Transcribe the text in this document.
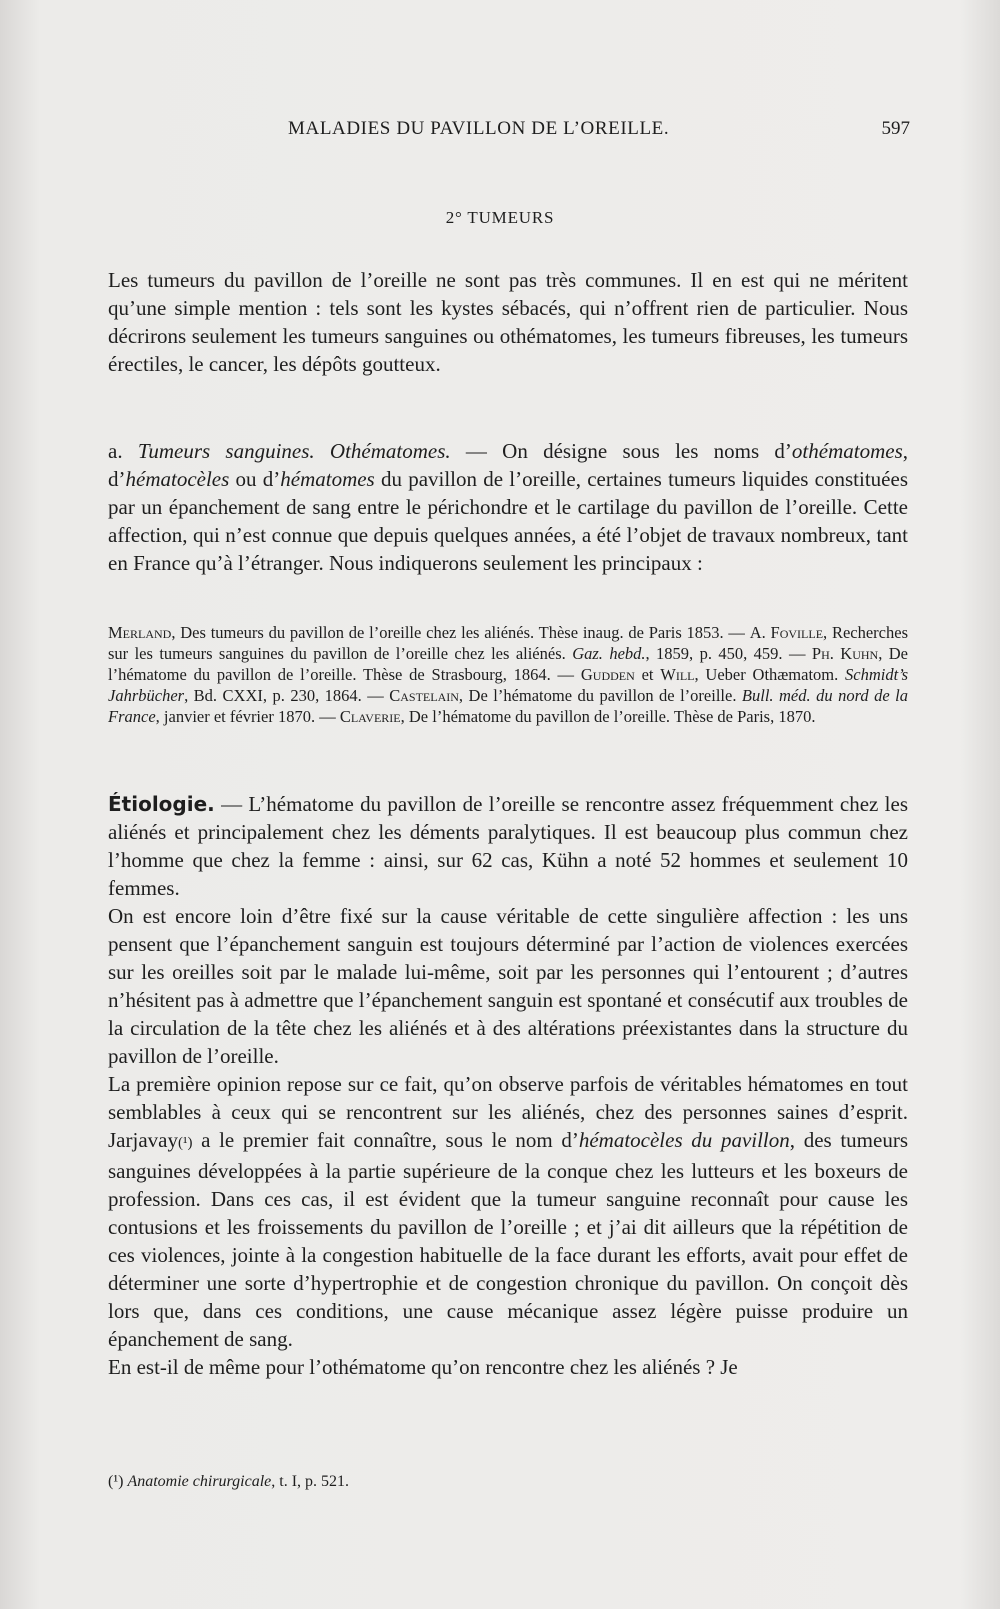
MALADIES DU PAVILLON DE L’OREILLE.	597
2° TUMEURS

Les tumeurs du pavillon de l’oreille ne sont pas très communes. Il en est qui ne méritent qu’une simple mention : tels sont les kystes sébacés, qui n’offrent rien de particulier. Nous décrirons seulement les tumeurs sanguines ou othématomes, les tumeurs fibreuses, les tumeurs érectiles, le cancer, les dépôts goutteux.

a. Tumeurs sanguines. Othématomes. — On désigne sous les noms d’othématomes, d’hématocèles ou d’hématomes du pavillon de l’oreille, certaines tumeurs liquides constituées par un épanchement de sang entre le périchondre et le cartilage du pavillon de l’oreille. Cette affection, qui n’est connue que depuis quelques années, a été l’objet de travaux nombreux, tant en France qu’à l’étranger. Nous indiquerons seulement les principaux :

Merland, Des tumeurs du pavillon de l’oreille chez les aliénés. Thèse inaug. de Paris 1853. — A. Foville, Recherches sur les tumeurs sanguines du pavillon de l’oreille chez les aliénés. Gaz. hebd., 1859, p. 450, 459. — Ph. Kuhn, De l’hématome du pavillon de l’oreille. Thèse de Strasbourg, 1864. — Gudden et Will, Ueber Othæmatom. Schmidt’s Jahrbücher, Bd. CXXI, p. 230, 1864. — Castelain, De l’hématome du pavillon de l’oreille. Bull. méd. du nord de la France, janvier et février 1870. — Claverie, De l’hématome du pavillon de l’oreille. Thèse de Paris, 1870.

Étiologie. — L’hématome du pavillon de l’oreille se rencontre assez fréquemment chez les aliénés et principalement chez les déments paralytiques. Il est beaucoup plus commun chez l’homme que chez la femme : ainsi, sur 62 cas, Kühn a noté 52 hommes et seulement 10 femmes.

On est encore loin d’être fixé sur la cause véritable de cette singulière affection : les uns pensent que l’épanchement sanguin est toujours déterminé par l’action de violences exercées sur les oreilles soit par le malade lui-même, soit par les personnes qui l’entourent ; d’autres n’hésitent pas à admettre que l’épanchement sanguin est spontané et consécutif aux troubles de la circulation de la tête chez les aliénés et à des altérations préexistantes dans la structure du pavillon de l’oreille.

La première opinion repose sur ce fait, qu’on observe parfois de véritables hématomes en tout semblables à ceux qui se rencontrent sur les aliénés, chez des personnes saines d’esprit. Jarjavay(¹) a le premier fait connaître, sous le nom d’hématocèles du pavillon, des tumeurs sanguines développées à la partie supérieure de la conque chez les lutteurs et les boxeurs de profession. Dans ces cas, il est évident que la tumeur sanguine reconnaît pour cause les contusions et les froissements du pavillon de l’oreille ; et j’ai dit ailleurs que la répétition de ces violences, jointe à la congestion habituelle de la face durant les efforts, avait pour effet de déterminer une sorte d’hypertrophie et de congestion chronique du pavillon. On conçoit dès lors que, dans ces conditions, une cause mécanique assez légère puisse produire un épanchement de sang.

En est-il de même pour l’othématome qu’on rencontre chez les aliénés ? Je

(¹) Anatomie chirurgicale, t. I, p. 521.
